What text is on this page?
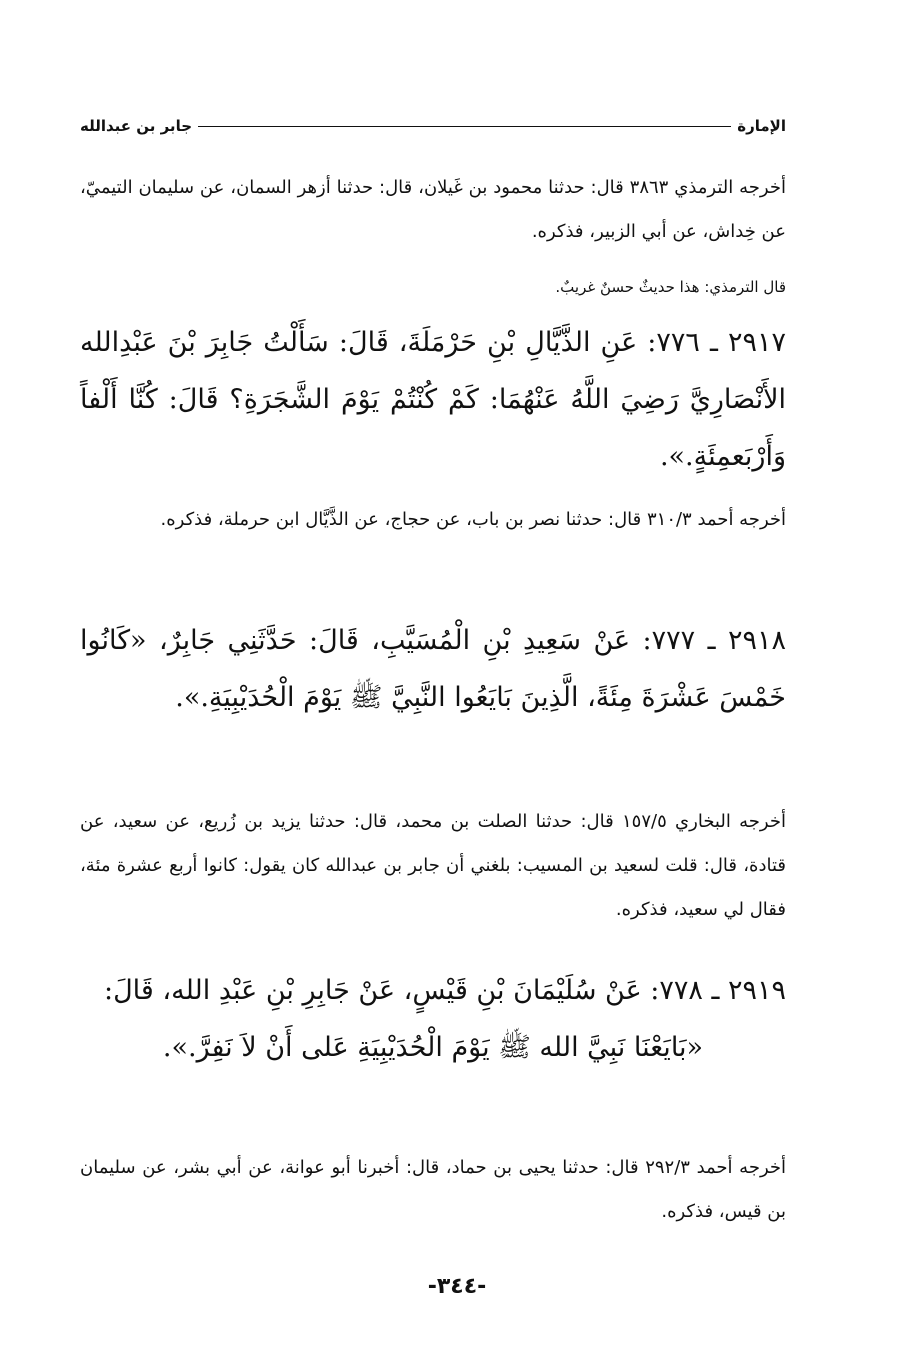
الإمارة
جابر بن عبدالله
أخرجه الترمذي ٣٨٦٣ قال: حدثنا محمود بن غَيلان، قال: حدثنا أزهر السمان، عن سليمان التيميّ، عن خِداش، عن أبي الزبير، فذكره.
قال الترمذي: هذا حديثٌ حسنٌ غريبٌ.
٢٩١٧ ـ ٧٧٦: عَنِ الذَّيَّالِ بْنِ حَرْمَلَةَ، قَالَ: سَأَلْتُ جَابِرَ بْنَ عَبْدِالله الأَنْصَارِيَّ رَضِيَ اللَّهُ عَنْهُمَا: كَمْ كُنْتُمْ يَوْمَ الشَّجَرَةِ؟ قَالَ: كُنَّا أَلْفاً وَأَرْبَعمِئَةٍ.».
أخرجه أحمد ٣١٠/٣ قال: حدثنا نصر بن باب، عن حجاج، عن الذَّيَّال ابن حرملة، فذكره.
٢٩١٨ ـ ٧٧٧: عَنْ سَعِيدِ بْنِ الْمُسَيَّبِ، قَالَ: حَدَّثَنِي جَابِرٌ، «كَانُوا خَمْسَ عَشْرَةَ مِئَةً، الَّذِينَ بَايَعُوا النَّبِيَّ ﷺ يَوْمَ الْحُدَيْبِيَةِ.».
أخرجه البخاري ١٥٧/٥ قال: حدثنا الصلت بن محمد، قال: حدثنا يزيد بن زُريع، عن سعيد، عن قتادة، قال: قلت لسعيد بن المسيب: بلغني أن جابر بن عبدالله كان يقول: كانوا أربع عشرة مئة، فقال لي سعيد، فذكره.
٢٩١٩ ـ ٧٧٨: عَنْ سُلَيْمَانَ بْنِ قَيْسٍ، عَنْ جَابِرِ بْنِ عَبْدِ الله، قَالَ:
«بَايَعْنَا نَبِيَّ الله ﷺ يَوْمَ الْحُدَيْبِيَةِ عَلى أَنْ لاَ نَفِرَّ.».
أخرجه أحمد ٢٩٢/٣ قال: حدثنا يحيى بن حماد، قال: أخبرنا أبو عوانة، عن أبي بشر، عن سليمان بن قيس، فذكره.
-٣٤٤-
